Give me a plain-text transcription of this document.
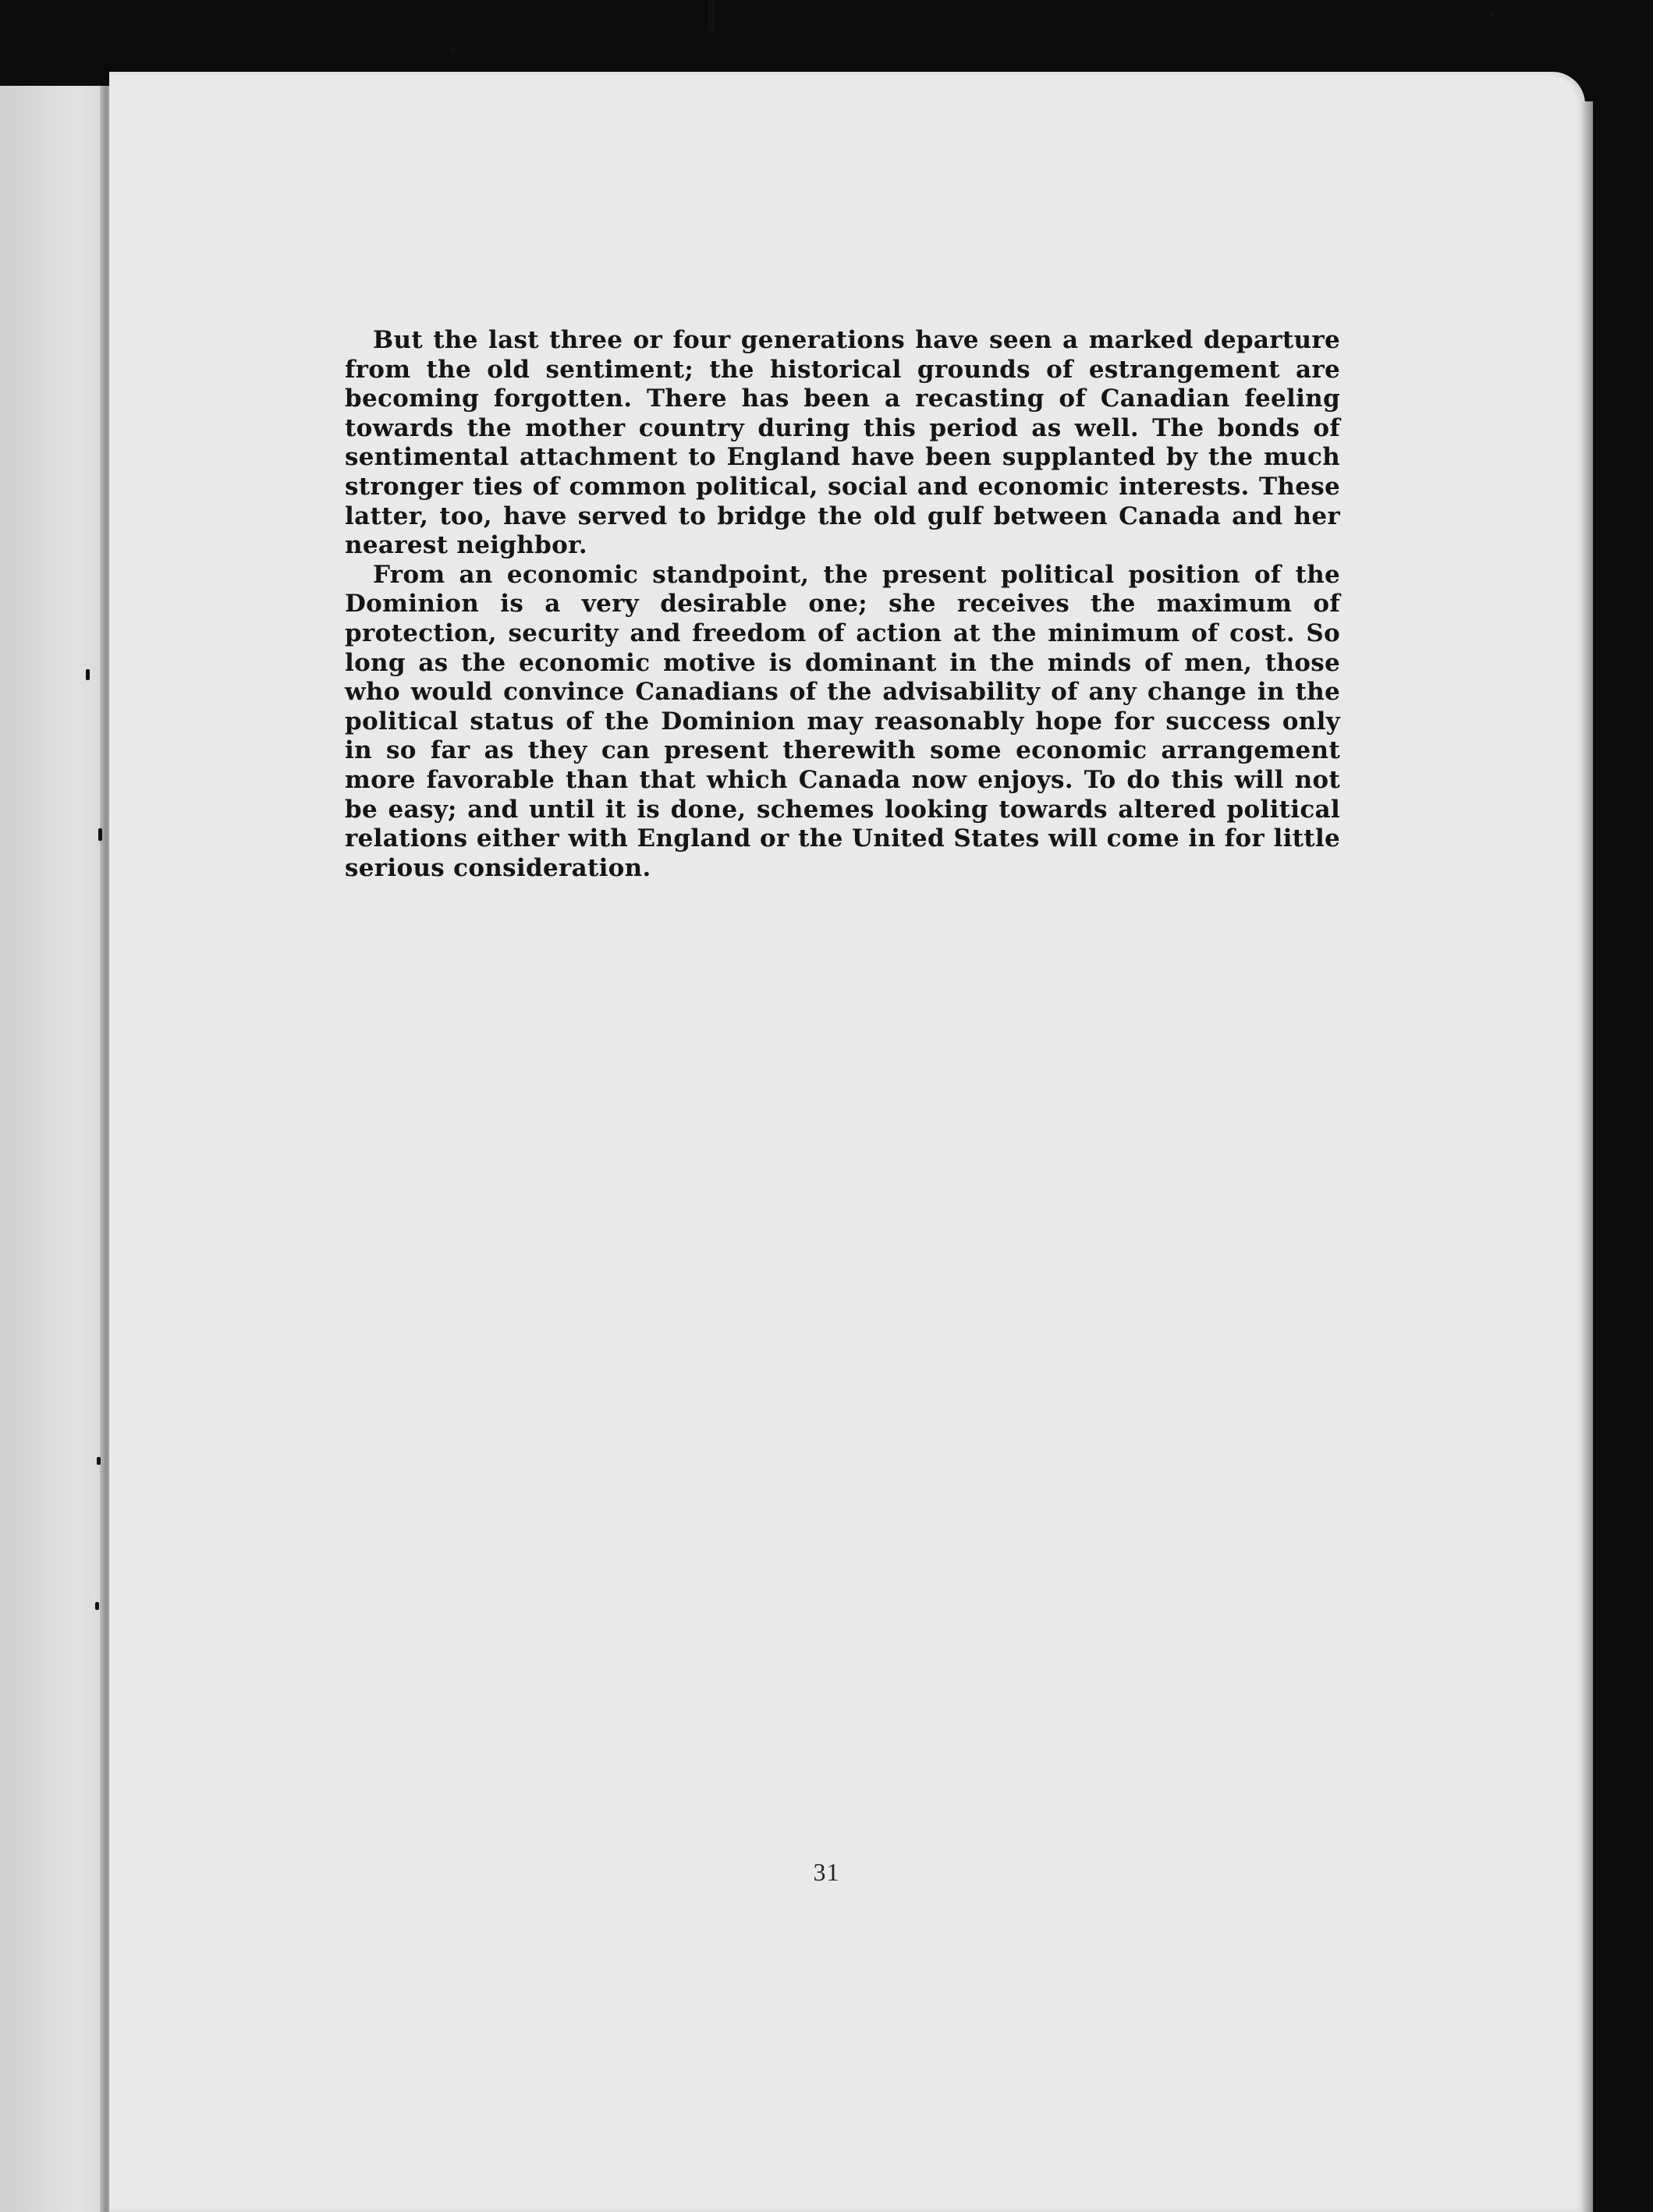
But the last three or four generations have seen a marked departure from the old sentiment; the historical grounds of estrangement are becoming forgotten. There has been a recasting of Canadian feeling towards the mother country during this period as well. The bonds of sentimental attachment to England have been supplanted by the much stronger ties of common political, social and economic interests. These latter, too, have served to bridge the old gulf between Canada and her nearest neighbor.

From an economic standpoint, the present political position of the Dominion is a very desirable one; she receives the maximum of protection, security and freedom of action at the minimum of cost. So long as the economic motive is dominant in the minds of men, those who would convince Canadians of the advisability of any change in the political status of the Dominion may reasonably hope for success only in so far as they can present therewith some economic arrangement more favorable than that which Canada now enjoys. To do this will not be easy; and until it is done, schemes looking towards altered political relations either with England or the United States will come in for little serious consideration.

31
